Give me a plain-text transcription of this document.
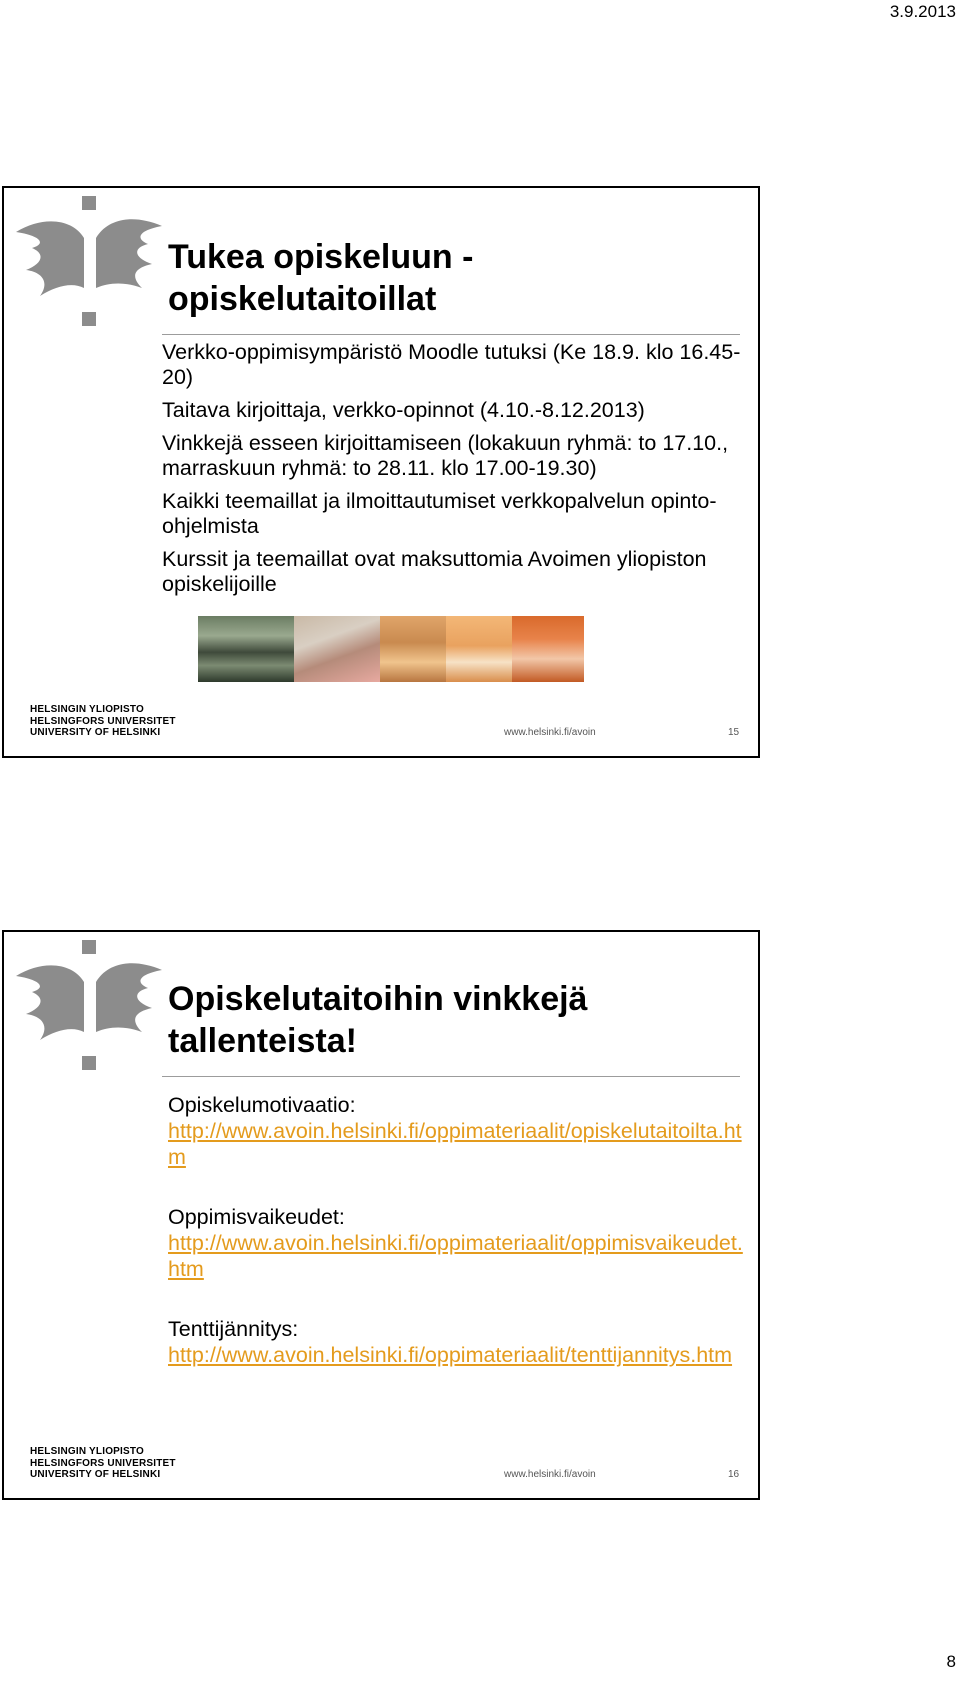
3.9.2013
Tukea opiskeluun - opiskelutaitoillat
Verkko-oppimisympäristö Moodle tutuksi (Ke 18.9. klo 16.45-20)
Taitava kirjoittaja, verkko-opinnot (4.10.-8.12.2013)
Vinkkejä esseen kirjoittamiseen (lokakuun ryhmä: to 17.10., marraskuun ryhmä: to 28.11. klo 17.00-19.30)
Kaikki teemaillat ja ilmoittautumiset verkkopalvelun opinto-ohjelmista
Kurssit ja teemaillat ovat maksuttomia Avoimen yliopiston opiskelijoille
HELSINGIN YLIOPISTO
HELSINGFORS UNIVERSITET
UNIVERSITY OF HELSINKI	www.helsinki.fi/avoin	15
Opiskelutaitoihin vinkkejä tallenteista!
Opiskelumotivaatio:
http://www.avoin.helsinki.fi/oppimateriaalit/opiskelutaitoilta.htm
Oppimisvaikeudet:
http://www.avoin.helsinki.fi/oppimateriaalit/oppimisvaikeudet.htm
Tenttijännitys:
http://www.avoin.helsinki.fi/oppimateriaalit/tenttijannitys.htm
HELSINGIN YLIOPISTO
HELSINGFORS UNIVERSITET
UNIVERSITY OF HELSINKI	www.helsinki.fi/avoin	16
8
